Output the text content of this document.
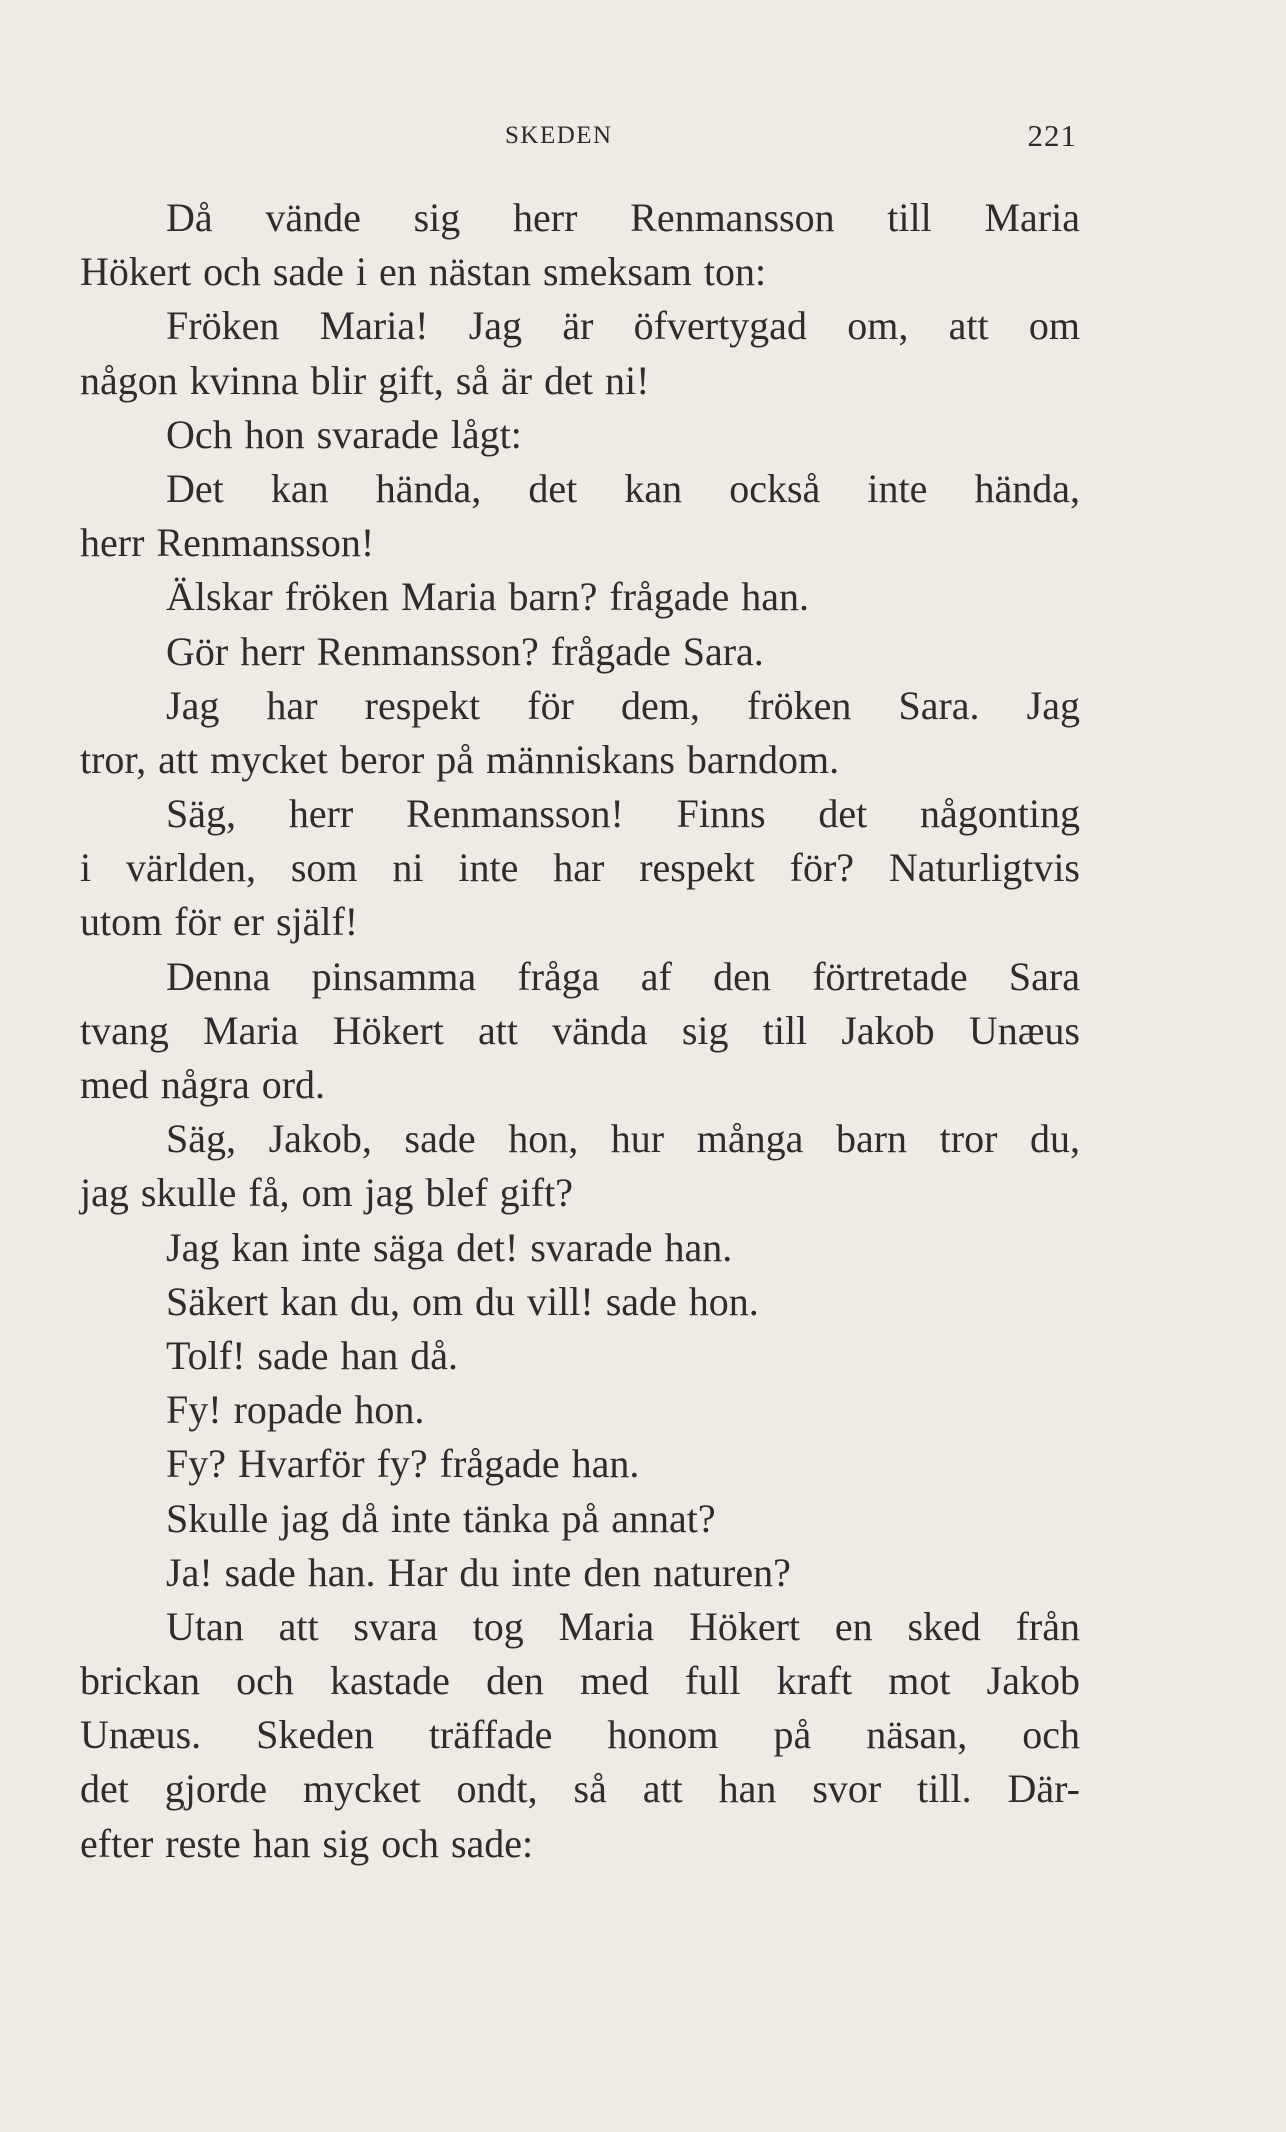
SKEDEN	221
Då vände sig herr Renmansson till Maria
Hökert och sade i en nästan smeksam ton:
Fröken Maria! Jag är öfvertygad om, att om
någon kvinna blir gift, så är det ni!
Och hon svarade lågt:
Det kan hända, det kan också inte hända,
herr Renmansson!
Älskar fröken Maria barn? frågade han.
Gör herr Renmansson? frågade Sara.
Jag har respekt för dem, fröken Sara. Jag
tror, att mycket beror på människans barndom.
Säg, herr Renmansson! Finns det någonting
i världen, som ni inte har respekt för? Naturligtvis
utom för er själf!
Denna pinsamma fråga af den förtretade Sara
tvang Maria Hökert att vända sig till Jakob Unæus
med några ord.
Säg, Jakob, sade hon, hur många barn tror du,
jag skulle få, om jag blef gift?
Jag kan inte säga det! svarade han.
Säkert kan du, om du vill! sade hon.
Tolf! sade han då.
Fy! ropade hon.
Fy? Hvarför fy? frågade han.
Skulle jag då inte tänka på annat?
Ja! sade han. Har du inte den naturen?
Utan att svara tog Maria Hökert en sked från
brickan och kastade den med full kraft mot Jakob
Unæus. Skeden träffade honom på näsan, och
det gjorde mycket ondt, så att han svor till. Där-
efter reste han sig och sade:
